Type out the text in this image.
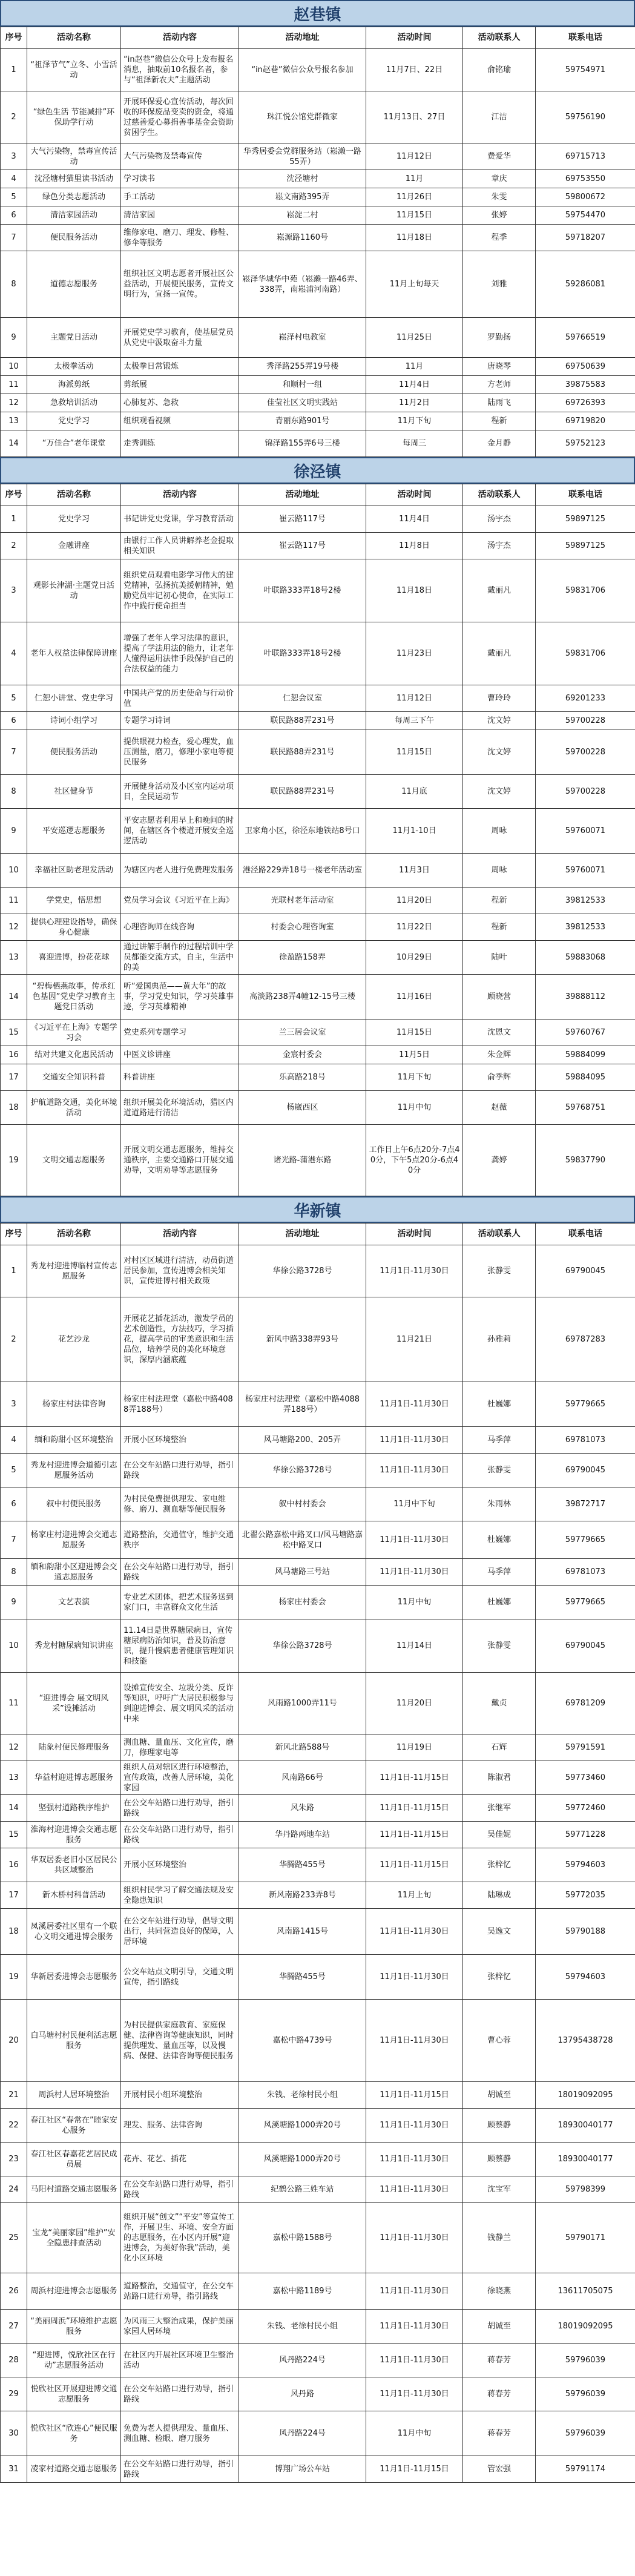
赵巷镇
序号	活动名称	活动内容	活动地址	活动时间	活动联系人	联系电话
1	“祖泽节气”立冬、小雪活动	“in赵巷”微信公众号上发布报名消息，抽取前10名报名者，参与“祖泽新农夫”主题活动	“in赵巷”微信公众号报名参加	11月7日、22日	俞铭瑜	59754971
2	“绿色生活 节能减排”环保助学行动	开展环保爱心宣传活动，每次回收的环保废品变卖的资金，将通过慈善爱心募捐善事基金会资助贫困学生。	珠江悦公馆党群微家	11月13日、27日	江洁	59756190
3	大气污染物，禁毒宣传活动	大气污染物及禁毒宣传	华秀居委会党群服务站（崧濑一路55弄）	11月12日	费爱华	69715713
4	沈泾塘村猫里读书活动	学习读书	沈泾塘村	11月	章庆	69753550
5	绿色分类志愿活动	手工活动	崧文南路395弄	11月26日	朱雯	59800672
6	清洁家园活动	清洁家园	崧淀二村	11月15日	张婷	59754470
7	便民服务活动	维修家电、磨刀、理发、修鞋、修伞等服务	崧源路1160号	11月18日	程季	59718207
8	道德志愿服务	组织社区文明志愿者开展社区公益活动，开展便民服务，宣传文明行为，宣扬一宣传。	崧泽华城华中苑（崧濑一路46弄、338弄，南崧浦河南路）	11月上旬每天	刘雅	59286081
9	主题党日活动	开展党史学习教育，使基层党员从党史中汲取奋斗力量	崧泽村电教室	11月25日	罗勤扬	59766519
10	太极拳活动	太极拳日常锻炼	秀泽路255弄19号楼	11月	唐晓琴	69750639
11	海派剪纸	剪纸展	和顺村一组	11月4日	方老师	39875583
12	急救培训活动	心肺复苏、急救	佳莹社区文明实践站	11月2日	陆雨飞	69726393
13	党史学习	组织观看视频	青丽东路901号	11月下旬	程新	69719820
14	“万佳合”老年课堂	走秀训练	锦泽路155弄6号三楼	每周三	金月静	59752123
徐泾镇
序号	活动名称	活动内容	活动地址	活动时间	活动联系人	联系电话
1	党史学习	书记讲党史党课，学习教育活动	崔云路117号	11月4日	汤宇杰	59897125
2	金融讲座	由银行工作人员讲解养老金提取相关知识	崔云路117号	11月8日	汤宇杰	59897125
3	观影长津湖·主题党日活动	组织党员观看电影学习伟大的建党精神，弘扬抗美援朝精神，勉励党员牢记初心使命，在实际工作中践行使命担当	叶联路333弄18号2楼	11月18日	戴丽凡	59831706
4	老年人权益法律保障讲座	增强了老年人学习法律的意识，提高了学法用法的能力，让老年人懂得运用法律手段保护自己的合法权益的能力	叶联路333弄18号2楼	11月23日	戴丽凡	59831706
5	仁恕小讲堂、党史学习	中国共产党的历史使命与行动价值	仁恕会议室	11月12日	曹玲玲	69201233
6	诗词小组学习	专题学习诗词	联民路88弄231号	每周三下午	沈文婷	59700228
7	便民服务活动	提供眼视力检查，爱心理发，血压测量，磨刀，修理小家电等便民服务	联民路88弄231号	11月15日	沈文婷	59700228
8	社区健身节	开展健身活动及小区室内运动项目，全民运动节	联民路88弄231号	11月底	沈文婷	59700228
9	平安巡逻志愿服务	平安志愿者利用早上和晚间的时间，在辖区各个楼道开展安全巡逻活动	卫家角小区，徐泾东地铁站8号口	11月1-10日	周咏	59760071
10	幸福社区助老理发活动	为辖区内老人进行免费理发服务	港泾路229弄18号一楼老年活动室	11月3日	周咏	59760071
11	学党史，悟思想	党员学习会议《习近平在上海》	光联村老年活动室	11月20日	程新	39812533
12	提供心理建设指导，确保身心健康	心理咨询师在线咨询	村委会心理咨询室	11月22日	程新	39812533
13	喜迎进博，扮花花球	通过讲解手制作的过程培训中学员都能交流方式，自主，生活中的美	徐盈路158弄	10月29日	陆叶	59883068
14	“碧梅栖燕故事，传承红色基因”党史学习教育主题党日活动	听“爱国典范——黄大年”的故事，学习党史知识，学习英雄事迹，学习英雄精神	高淡路238弄4幢12-15号三楼	11月16日	顾晓营	39888112
15	《习近平在上海》专题学习会	党史系列专题学习	兰三居会议室	11月15日	沈恩文	59760767
16	结对共建文化惠民活动	中医义诊讲座	金宸村委会	11月5日	朱金辉	59884099
17	交通安全知识科普	科普讲座	乐高路218号	11月下旬	俞季辉	59884095
18	护航道路交通，美化环境活动	组织开展美化环境活动，猎区内道道路进行清洁	杨崴西区	11月中旬	赵薇	59768751
19	文明交通志愿服务	开展文明交通志愿服务，维持交通秩序，主要交通路口开展交通劝导，文明劝导等志愿服务	诸光路-蒲港东路	工作日上午6点20分-7点40分，下午5点20分-6点40分	龚婷	59837790
华新镇
序号	活动名称	活动内容	活动地址	活动时间	活动联系人	联系电话
1	秀龙村迎进博临村宣传志愿服务	对村区区域进行清洁，动员街道居民参加，宣传进博会相关知识，宣传进博村相关政策	华徐公路3728号	11月1日-11月30日	张静雯	69790045
2	花艺沙龙	开展花艺插花活动，激发学员的艺术创造性，方法技巧，学习插花，提高学员的审美意识和生活品位，培养学员的美化环境意识，深厚内涵底蕴	新风中路338弄93号	11月21日	孙雅莉	69787283
3	杨家庄村法律咨询	杨家庄村法理堂（嘉松中路4088弄188号）	杨家庄村法理堂（嘉松中路4088弄188号）	11月1日-11月30日	杜巍娜	59779665
4	缅和韵甜小区环境整治	开展小区环境整治	风马塘路200、205弄	11月1日-11月30日	马季萍	69781073
5	秀龙村迎进博会道德引志愿服务活动	在公交车站路口进行劝导，指引路线	华徐公路3728号	11月1日-11月30日	张静雯	69790045
6	叙中村便民服务	为村民免费提供理发、家电维修、磨刀、测血糖等便民服务	叙中村村委会	11月中下旬	朱雨林	39872717
7	杨家庄村迎进博会交通志愿服务	道路整治，交通值守，维护交通秩序	北翟公路嘉松中路叉口/风马塘路嘉松中路叉口	11月1日-11月30日	杜巍娜	59779665
8	缅和韵甜小区迎进博会交通志愿服务	在公交车站路口进行劝导，指引路线	风马塘路三号站	11月1日-11月30日	马季萍	69781073
9	文艺表演	专业艺术团体，把艺术服务送到家门口，丰富群众文化生活	杨家庄村委会	11月中旬	杜巍娜	59779665
10	秀龙村糖尿病知识讲座	11.14日是世界糖尿病日，宣传糖尿病防治知识，普及防治意识，提升慢病患者健康管理知识和技能	华徐公路3728号	11月14日	张静雯	69790045
11	“迎进博会 展文明风采”设摊活动	设摊宣传安全、垃圾分类、反诈等知识，呼吁广大居民积极参与到迎进博会、展文明风采的活动中来	风雨路1000弄11号	11月20日	戴贞	69781209
12	陆象村便民修理服务	测血糖、量血压、文化宣传，磨刀，修理家电等	新风北路588号	11月19日	石辉	59791591
13	华益村迎进博志愿服务	组织人员对辖区进行环境整治，宣传政策，改善人居环境，美化家园	风南路66号	11月1日-11月15日	陈淑君	59773460
14	坚强村道路秩序维护	在公交车站路口进行劝导，指引路线	风朱路	11月1日-11月15日	张继军	59772460
15	淮海村迎进博会交通志愿服务	在公交车站路口进行劝导，指引路线	华丹路两地车站	11月1日-11月15日	吴佳妮	59771228
16	华双居委老旧小区居民公共区域整治	开展小区环境整治	华腾路455号	11月1日-11月15日	张梓忆	59794603
17	新木桥村科普活动	组织村民学习了解交通法规及安全隐患知识	新风南路233弄8号	11月上旬	陆琳成	59772035
18	凤溪居委社区里有一个联心文明交通进博会服务	在公交车站进行劝导，倡导文明出行，共同营造良好的保障，人居环境	风南路1415号	11月1日-11月30日	吴逸文	59790188
19	华新居委进博会志愿服务	公交车站点文明引导，交通文明宣传，指引路线	华腾路455号	11月1日-11月30日	张梓忆	59794603
20	白马塘村村民便利活志愿服务	为村民提供家庭教育、家庭保健、法律咨询等健康知识，同时提供理发、量血压等，以及慢病、保健、法律咨询等便民服务	嘉松中路4739号	11月1日-11月30日	曹心蓉	13795438728
21	周浜村人居环境整治	开展村民小组环境整治	朱钱、老徐村民小组	11月1日-11月15日	胡诚至	18019092095
22	春江社区“春常在”睦家安心服务	理发、服务、法律咨询	风溪塘路1000弄20号	11月1日-11月30日	顾蔡静	18930040177
23	春江社区春嘉花艺居民成员展	花卉、花艺、插花	风溪塘路1000弄20号	11月1日-11月30日	顾蔡静	18930040177
24	马阳村道路交通志愿服务	在公交车站路口进行劝导，指引路线	纪鹤公路三姓车站	11月1日-11月30日	沈宝军	59798399
25	宝龙“美丽家园”维护”安全隐患排查活动	组织开展“创文”“平安”等宣传工作，开展卫生、环境、安全方面的志愿服务，在小区内开展“迎进博会，为美好你我”活动，美化小区环境	嘉松中路1588号	11月1日-11月30日	钱静兰	59790171
26	周浜村迎进博会志愿服务	道路整治，交通值守，在公交车站路口进行劝导，指引路线	嘉松中路1189号	11月1日-11月30日	徐晓燕	13611705075
27	“美丽周浜”环境维护志愿服务	为风雨三大整治成果，保护美丽家园人居环境	朱钱、老徐村民小组	11月1日-11月30日	胡诚至	18019092095
28	“迎进博，悦欣社区在行动”志愿服务活动	在社区内开展社区环境卫生整治活动	风丹路224号	11月1日-11月30日	蒋春芳	59796039
29	悦欣社区开展迎进博交通志愿服务	在公交车站路口进行劝导，指引路线	风丹路	11月1日-11月30日	蒋春芳	59796039
30	悦欣社区“欣连心”便民服务	免费为老人提供理发、量血压、测血糖、检眼、磨刀服务	风丹路224号	11月中旬	蒋春芳	59796039
31	凌家村道路交通志愿服务	在公交车站路口进行劝导，指引路线	博翔广场公车站	11月1日-11月15日	管宏强	59791174
